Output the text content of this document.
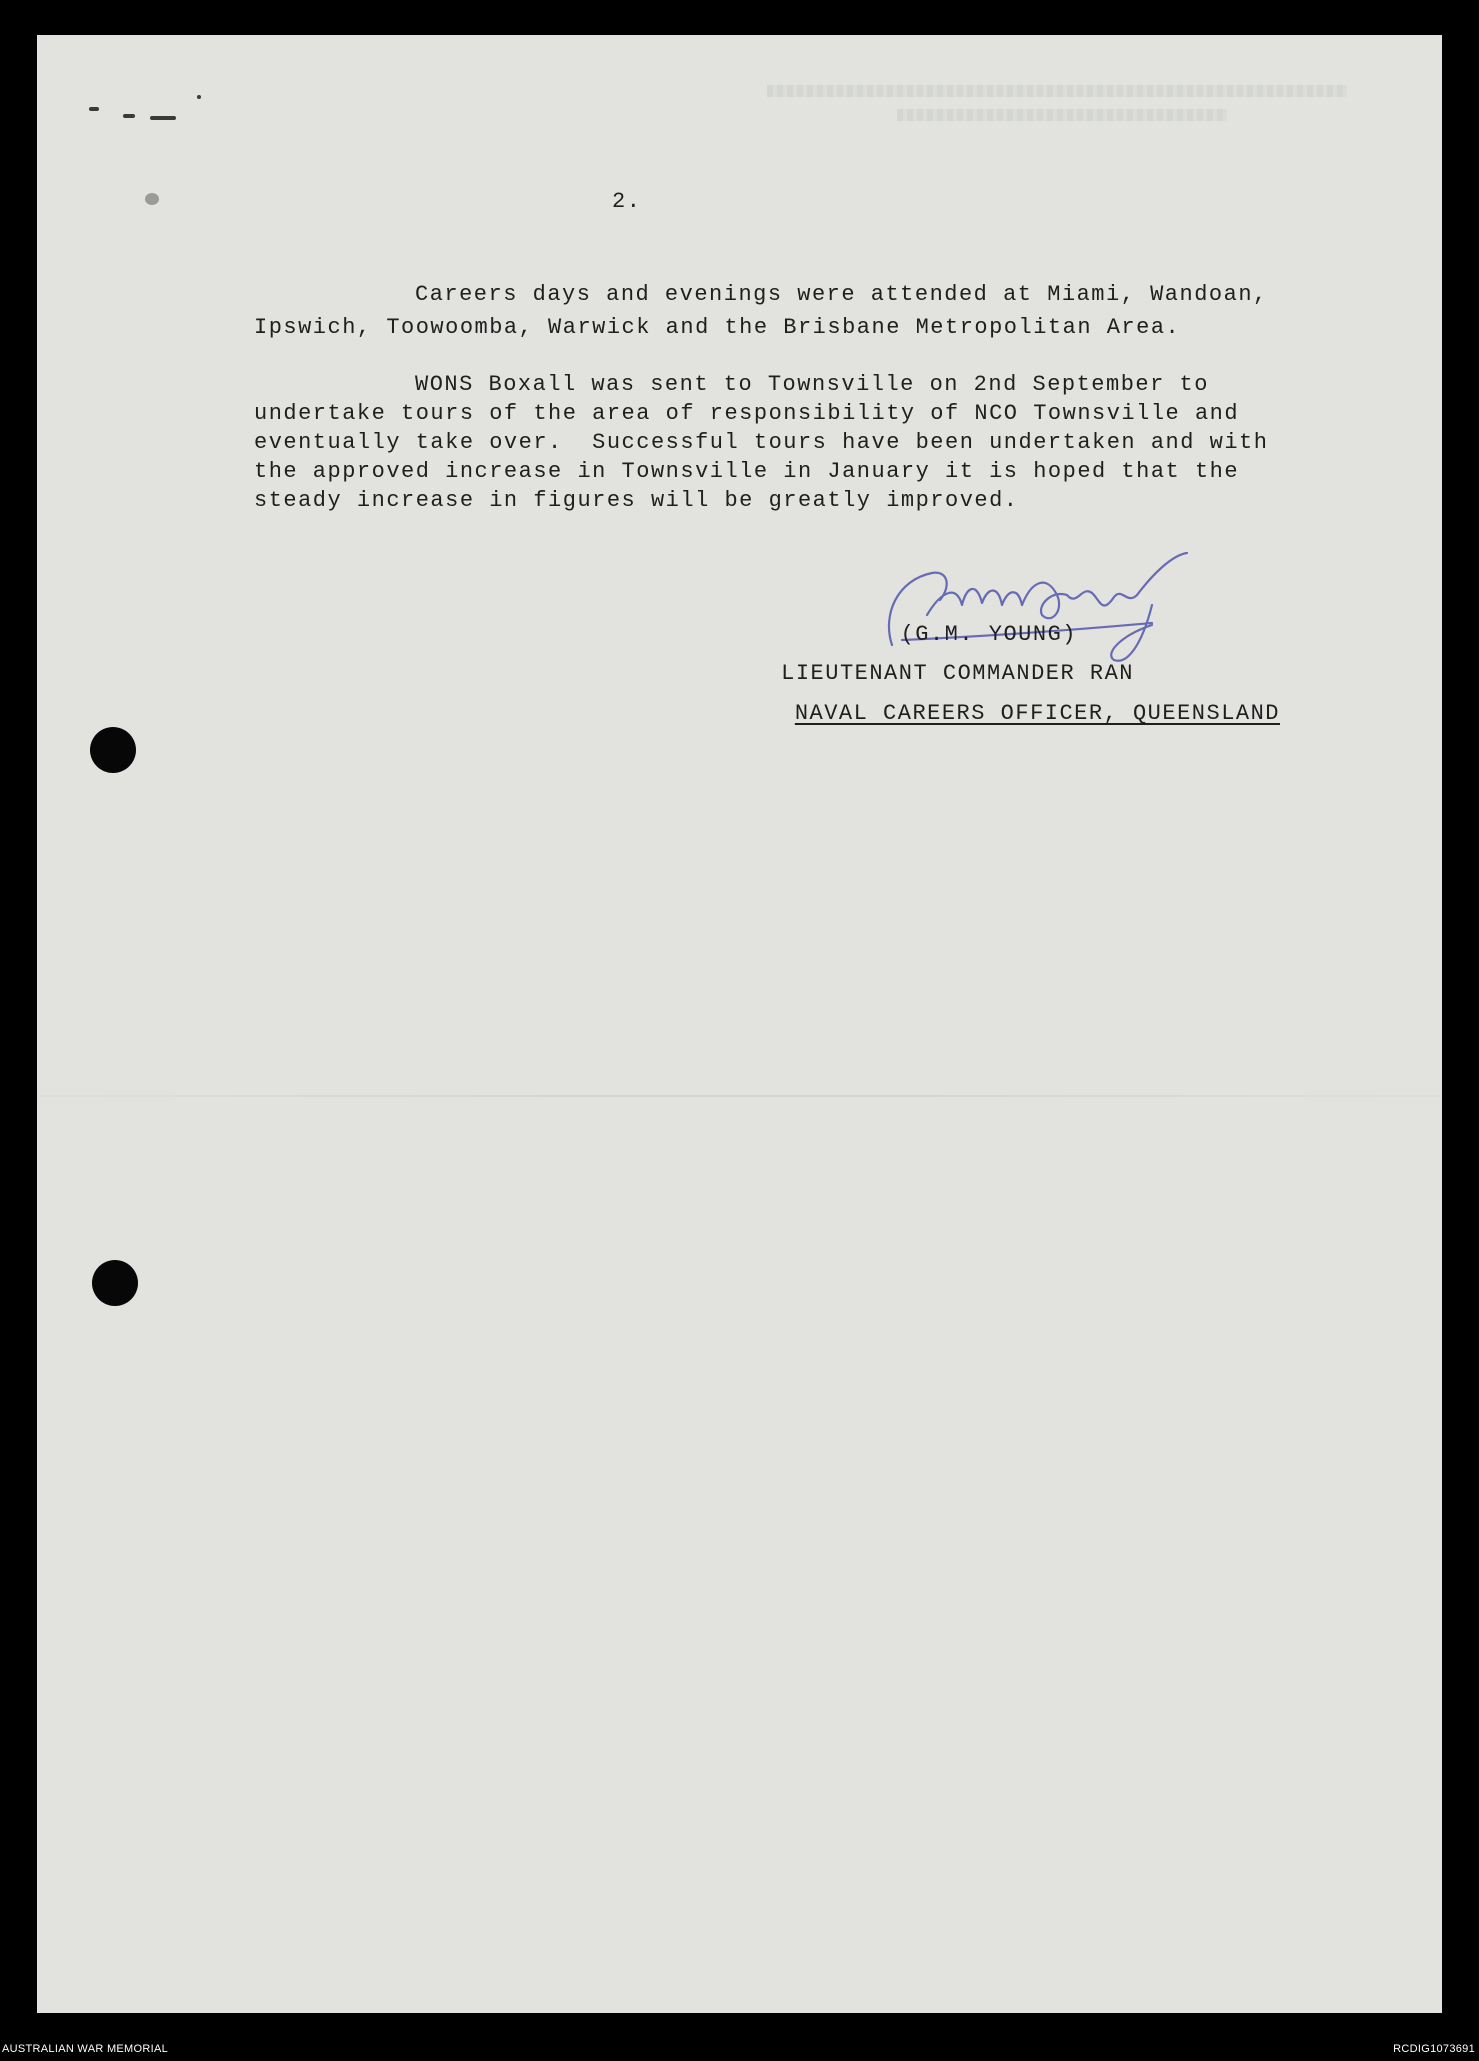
2.
Careers days and evenings were attended at Miami, Wandoan,
Ipswich, Toowoomba, Warwick and the Brisbane Metropolitan Area.
WONS Boxall was sent to Townsville on 2nd September to
undertake tours of the area of responsibility of NCO Townsville and
eventually take over.  Successful tours have been undertaken and with
the approved increase in Townsville in January it is hoped that the
steady increase in figures will be greatly improved.
(G.M. YOUNG)
LIEUTENANT COMMANDER RAN
NAVAL CAREERS OFFICER, QUEENSLAND
AUSTRALIAN WAR MEMORIAL	RCDIG1073691
